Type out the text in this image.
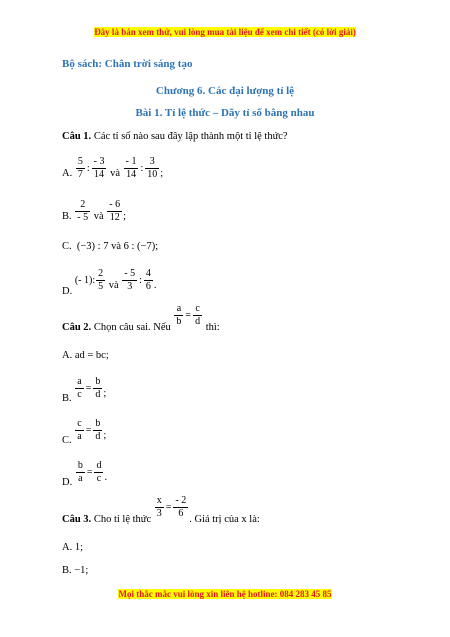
Đây là bản xem thử, vui lòng mua tài liệu để xem chi tiết (có lời giải)
Bộ sách: Chân trời sáng tạo
Chương 6. Các đại lượng tỉ lệ
Bài 1. Tỉ lệ thức – Dãy tỉ số bằng nhau
Câu 1. Các tỉ số nào sau đây lập thành một tỉ lệ thức?
A. $\frac{5}{7}$ : $\frac{- 3}{14}$ và $\frac{- 1}{14}$ : $\frac{3}{10}$ ;
B. $\frac{2}{- 5}$ và $\frac{- 6}{12}$ ;
C. (−3) : 7 và 6 : (−7);
D. (- 1): $\frac{2}{5}$ và $\frac{- 5}{3}$ : $\frac{4}{6}$ .
Câu 2. Chọn câu sai. Nếu $\frac{a}{b} = \frac{c}{d}$ thì:
A. ad = bc;
B. $\frac{a}{c} = \frac{b}{d}$ ;
C. $\frac{c}{a} = \frac{b}{d}$ ;
D. $\frac{b}{a} = \frac{d}{c}$ .
Câu 3. Cho tỉ lệ thức $\frac{x}{3} = \frac{- 2}{6}$ . Giá trị của x là:
A. 1;
B. −1;
Mọi thắc mắc vui lòng xin liên hệ hotline: 084 283 45 85
